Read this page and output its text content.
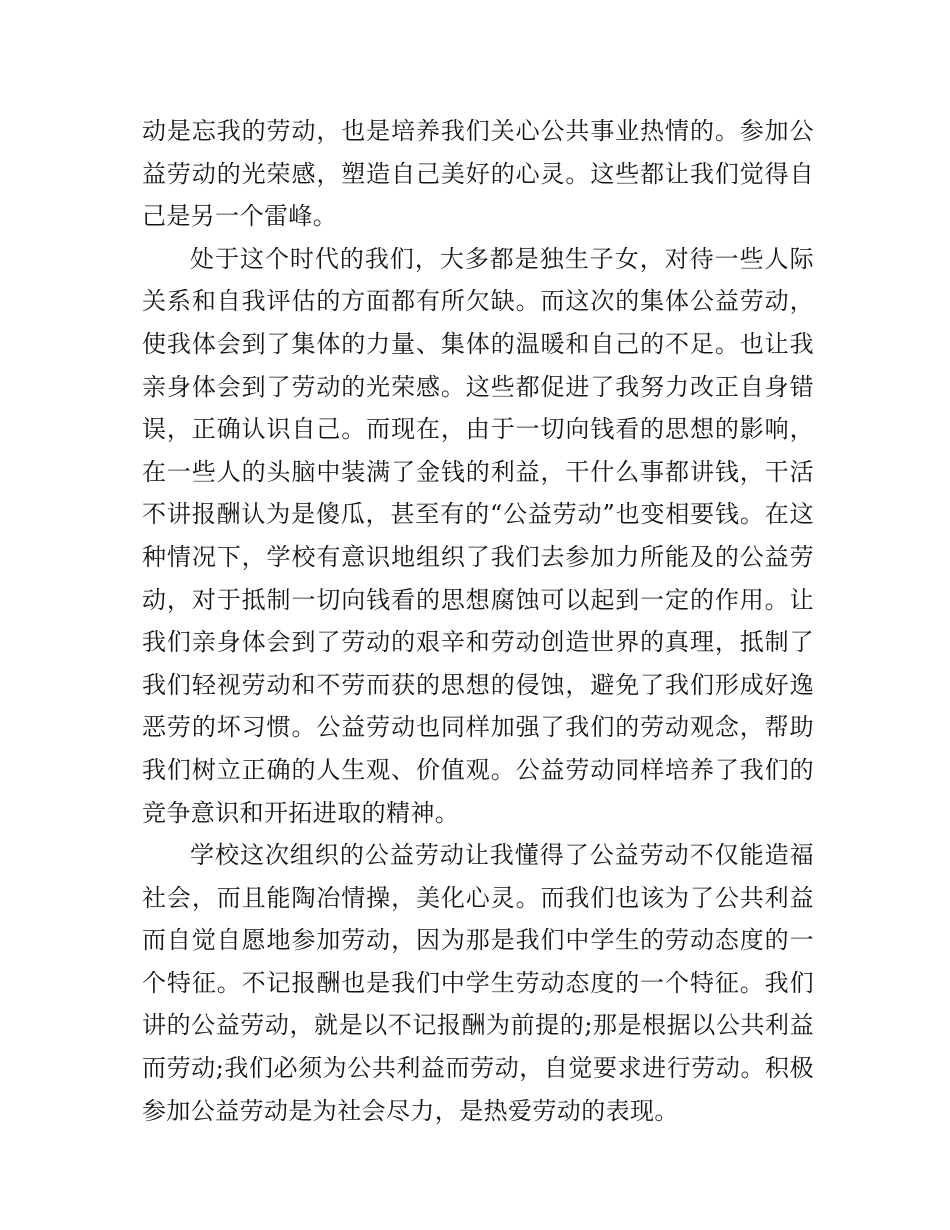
动是忘我的劳动，也是培养我们关心公共事业热情的。参加公益劳动的光荣感，塑造自己美好的心灵。这些都让我们觉得自己是另一个雷峰。

处于这个时代的我们，大多都是独生子女，对待一些人际关系和自我评估的方面都有所欠缺。而这次的集体公益劳动，使我体会到了集体的力量、集体的温暖和自己的不足。也让我亲身体会到了劳动的光荣感。这些都促进了我努力改正自身错误，正确认识自己。而现在，由于一切向钱看的思想的影响，在一些人的头脑中装满了金钱的利益，干什么事都讲钱，干活不讲报酬认为是傻瓜，甚至有的“公益劳动”也变相要钱。在这种情况下，学校有意识地组织了我们去参加力所能及的公益劳动，对于抵制一切向钱看的思想腐蚀可以起到一定的作用。让我们亲身体会到了劳动的艰辛和劳动创造世界的真理，抵制了我们轻视劳动和不劳而获的思想的侵蚀，避免了我们形成好逸恶劳的坏习惯。公益劳动也同样加强了我们的劳动观念，帮助我们树立正确的人生观、价值观。公益劳动同样培养了我们的竞争意识和开拓进取的精神。

学校这次组织的公益劳动让我懂得了公益劳动不仅能造福社会，而且能陶冶情操，美化心灵。而我们也该为了公共利益而自觉自愿地参加劳动，因为那是我们中学生的劳动态度的一个特征。不记报酬也是我们中学生劳动态度的一个特征。我们讲的公益劳动，就是以不记报酬为前提的;那是根据以公共利益而劳动;我们必须为公共利益而劳动，自觉要求进行劳动。积极参加公益劳动是为社会尽力，是热爱劳动的表现。
